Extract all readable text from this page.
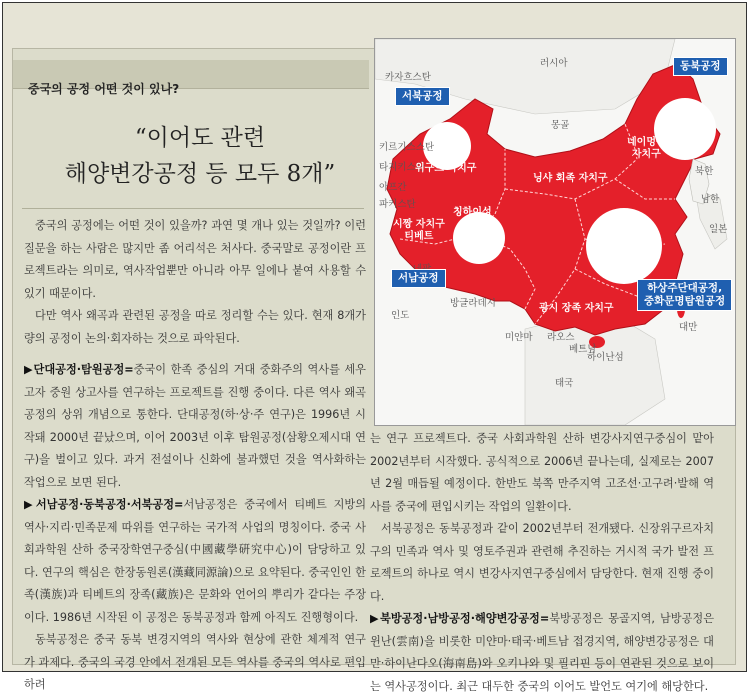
중국의 공정 어떤 것이 있나?
“이어도 관련
해양변강공정 등 모두 8개”

중국의 공정에는 어떤 것이 있을까? 과연 몇 개나 있는 것일까? 이런 질문을 하는 사람은 많지만 좀 어리석은 처사다. 중국말로 공정이란 프로젝트라는 의미로, 역사작업뿐만 아니라 아무 일에나 붙여 사용할 수 있기 때문이다.

다만 역사 왜곡과 관련된 공정을 따로 정리할 수는 있다. 현재 8개가량의 공정이 논의·회자하는 것으로 파악된다.

▶단대공정·탐원공정=중국이 한족 중심의 거대 중화주의 역사를 세우고자 중원 상고사를 연구하는 프로젝트를 진행 중이다. 다른 역사 왜곡 공정의 상위 개념으로 통한다. 단대공정(하·상·주 연구)은 1996년 시작돼 2000년 끝났으며, 이어 2003년 이후 탐원공정(삼황오제시대 연구)을 벌이고 있다. 과거 전설이나 신화에 불과했던 것을 역사화하는 작업으로 보면 된다.

▶서남공정·동북공정·서북공정=서남공정은 중국에서 티베트 지방의 역사·지리·민족문제 따위를 연구하는 국가적 사업의 명칭이다. 중국 사회과학원 산하 중국장학연구중심(中國藏學硏究中心)이 담당하고 있다. 연구의 핵심은 한장동원론(漢藏同源論)으로 요약된다. 중국인인 한족(漢族)과 티베트의 장족(藏族)은 문화와 언어의 뿌리가 같다는 주장이다. 1986년 시작된 이 공정은 동북공정과 함께 아직도 진행형이다.

동북공정은 중국 동북 변경지역의 역사와 현상에 관한 체계적 연구가 과제다. 중국의 국경 안에서 전개된 모든 역사를 중국의 역사로 편입하려

는 연구 프로젝트다. 중국 사회과학원 산하 변강사지연구중심이 맡아 2002년부터 시작했다. 공식적으로 2006년 끝나는데, 실제로는 2007년 2월 매듭될 예정이다. 한반도 북쪽 만주지역 고조선·고구려·발해 역사를 중국에 편입시키는 작업의 일환이다.

서북공정은 동북공정과 같이 2002년부터 전개됐다. 신장위구르자치구의 민족과 역사 및 영토주권과 관련해 추진하는 거시적 국가 발전 프로젝트의 하나로 역시 변강사지연구중심에서 담당한다. 현재 진행 중이다.

▶북방공정·남방공정·해양변강공정=북방공정은 몽골지역, 남방공정은 윈난(雲南)을 비롯한 미얀마·태국·베트남 접경지역, 해양변강공정은 대만·하이난다오(海南島)와 오키나와 및 필리핀 등이 연관된 것으로 보이는 역사공정이다. 최근 대두한 중국의 이어도 발언도 여기에 해당한다.

카자흐스탄
러시아
몽골
키르기스스탄
타지키스탄
아프간
파키스탄
북한
남한
일본
방글라데시
인도
미얀마 라오스
베트남
태국
대만
하이난섬
신장
위구르 자치구
칭하이성
시짱 자치구
티베트
네이멍구
자치구
닝샤 회족 자치구
광시 장족 자치구
서북공정
동북공정
서남공정
하상주단대공정,
중화문명탐원공정
